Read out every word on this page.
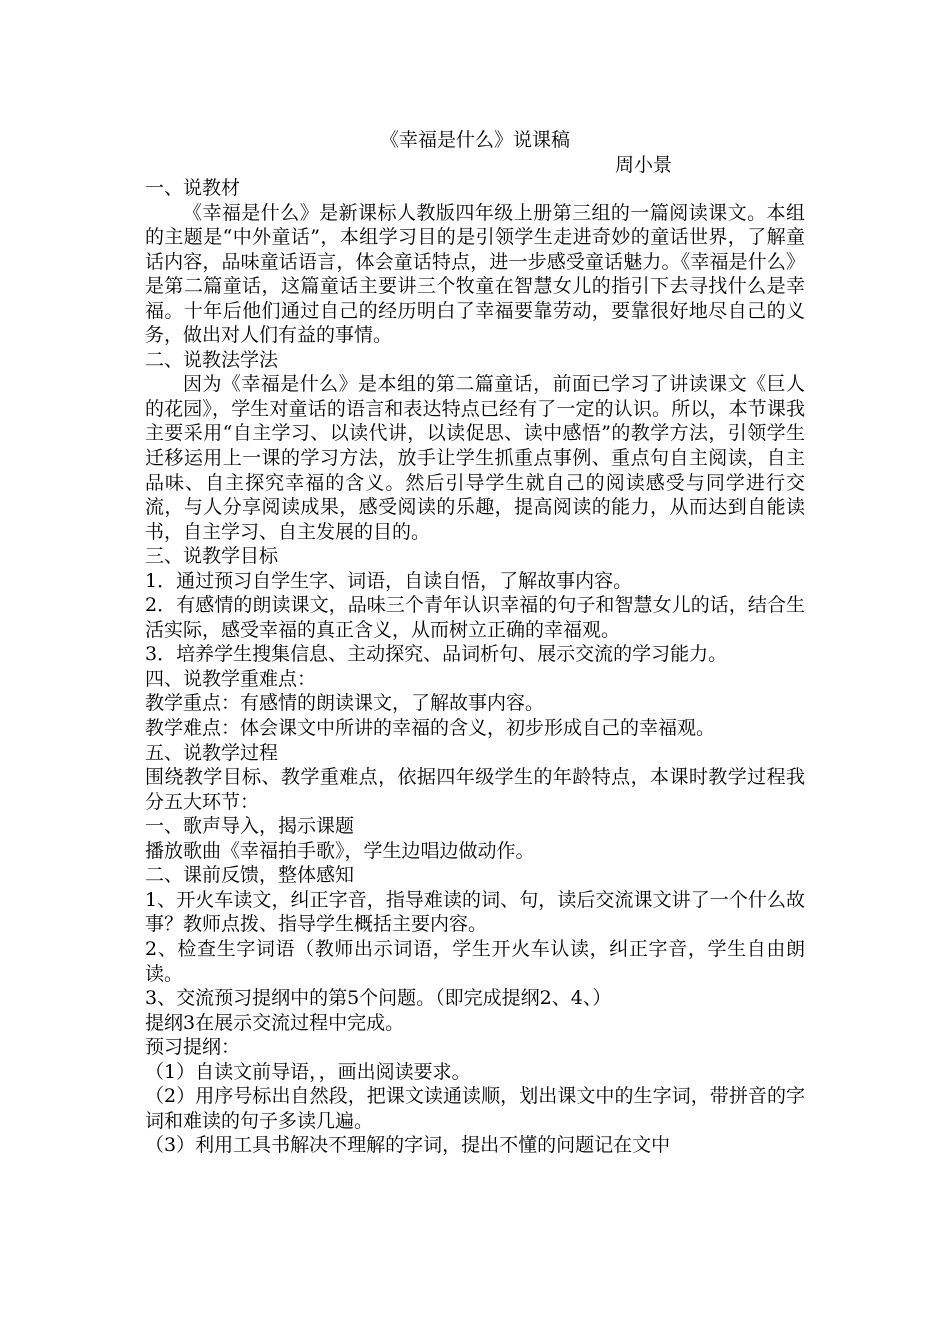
《幸福是什么》说课稿
周小景

一、说教材

《幸福是什么》是新课标人教版四年级上册第三组的一篇阅读课文。本组的主题是“中外童话”，本组学习目的是引领学生走进奇妙的童话世界，了解童话内容，品味童话语言，体会童话特点，进一步感受童话魅力。《幸福是什么》是第二篇童话，这篇童话主要讲三个牧童在智慧女儿的指引下去寻找什么是幸福。十年后他们通过自己的经历明白了幸福要靠劳动，要靠很好地尽自己的义务，做出对人们有益的事情。

二、说教法学法

因为《幸福是什么》是本组的第二篇童话，前面已学习了讲读课文《巨人的花园》，学生对童话的语言和表达特点已经有了一定的认识。所以，本节课我主要采用“自主学习、以读代讲，以读促思、读中感悟”的教学方法，引领学生迁移运用上一课的学习方法，放手让学生抓重点事例、重点句自主阅读，自主品味、自主探究幸福的含义。然后引导学生就自己的阅读感受与同学进行交流，与人分享阅读成果，感受阅读的乐趣，提高阅读的能力，从而达到自能读书，自主学习、自主发展的目的。

三、说教学目标

1．通过预习自学生字、词语，自读自悟，了解故事内容。

2．有感情的朗读课文，品味三个青年认识幸福的句子和智慧女儿的话，结合生活实际，感受幸福的真正含义，从而树立正确的幸福观。

3．培养学生搜集信息、主动探究、品词析句、展示交流的学习能力。

四、说教学重难点：

教学重点：有感情的朗读课文，了解故事内容。

教学难点：体会课文中所讲的幸福的含义，初步形成自己的幸福观。

五、说教学过程

围绕教学目标、教学重难点，依据四年级学生的年龄特点，本课时教学过程我分五大环节：

一、歌声导入，揭示课题

播放歌曲《幸福拍手歌》，学生边唱边做动作。

二、课前反馈，整体感知

1、开火车读文，纠正字音，指导难读的词、句，读后交流课文讲了一个什么故事？教师点拨、指导学生概括主要内容。

2、检查生字词语（教师出示词语，学生开火车认读，纠正字音，学生自由朗读。

3、交流预习提纲中的第5个问题。（即完成提纲2、4、）

提纲3在展示交流过程中完成。

预习提纲：

（1）自读文前导语，，画出阅读要求。

（2）用序号标出自然段，把课文读通读顺，划出课文中的生字词，带拼音的字词和难读的句子多读几遍。

（3）利用工具书解决不理解的字词，提出不懂的问题记在文中
